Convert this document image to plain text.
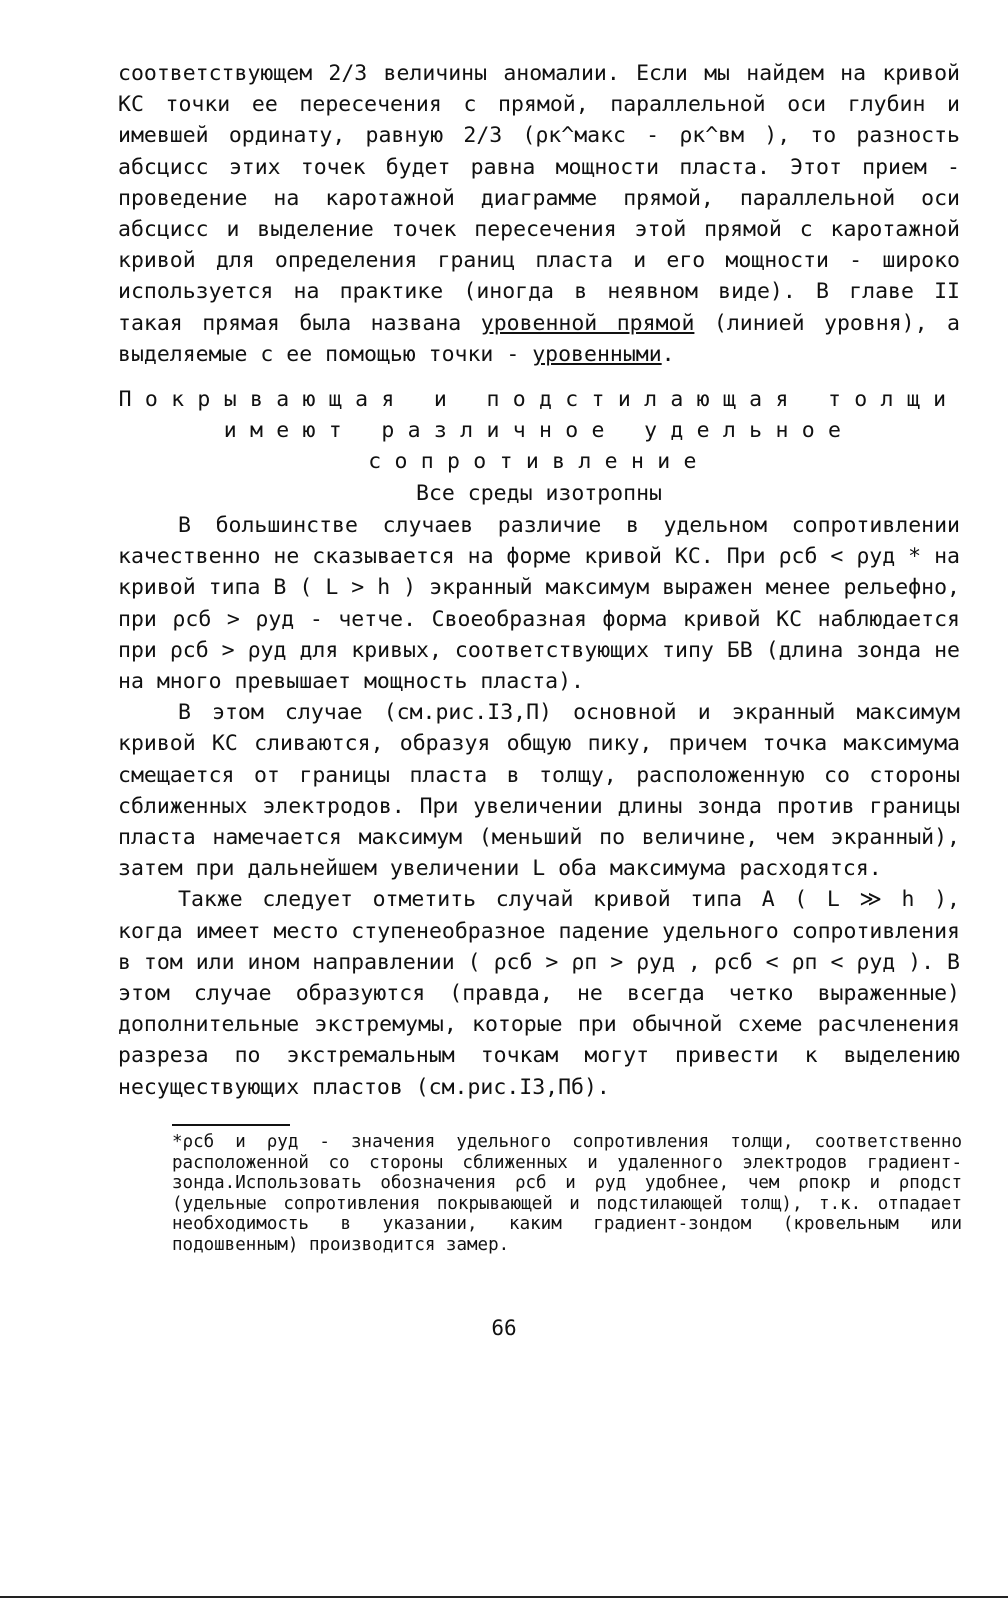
соответствующем 2/3 величины аномалии. Если мы найдем на кривой КС точки ее пересечения с прямой, параллельной оси глубин и имевшей ординату, равную 2/3 (ρк^макс - ρк^вм ), то разность абсцисс этих точек будет равна мощности пласта. Этот прием - проведение на каротажной диаграмме прямой, параллельной оси абсцисс и выделение точек пересечения этой прямой с каротажной кривой для определения границ пласта и его мощности - широко используется на практике (иногда в неявном виде). В главе II такая прямая была названа уровенной прямой (линией уровня), а выделяемые с ее помощью точки - уровенными.

Покрывающая и подстилающая толщи
имеют различное удельное
сопротивление
Все среды изотропны

В большинстве случаев различие в удельном сопротивлении качественно не сказывается на форме кривой КС. При ρсб < ρуд * на кривой типа В ( L > h ) экранный максимум выражен менее рельефно, при ρсб > ρуд - четче. Своеобразная форма кривой КС наблюдается при ρсб > ρуд для кривых, соответствующих типу БВ (длина зонда не на много превышает мощность пласта).

В этом случае (см.рис.I3,П) основной и экранный максимум кривой КС сливаются, образуя общую пику, причем точка максимума смещается от границы пласта в толщу, расположенную со стороны сближенных электродов. При увеличении длины зонда против границы пласта намечается максимум (меньший по величине, чем экранный), затем при дальнейшем увеличении L оба максимума расходятся.

Также следует отметить случай кривой типа А ( L ≫ h ), когда имеет место ступенеобразное падение удельного сопротивления в том или ином направлении ( ρсб > ρп > ρуд , ρсб < ρп < ρуд ). В этом случае образуются (правда, не всегда четко выраженные) дополнительные экстремумы, которые при обычной схеме расчленения разреза по экстремальным точкам могут привести к выделению несуществующих пластов (см.рис.I3,Пб).

*ρсб и ρуд - значения удельного сопротивления толщи, соответственно расположенной со стороны сближенных и удаленного электродов градиент-зонда.Использовать обозначения ρсб и ρуд удобнее, чем ρпокр и ρподст (удельные сопротивления покрывающей и подстилающей толщ), т.к. отпадает необходимость в указании, каким градиент-зондом (кровельным или подошвенным) производится замер.
66
